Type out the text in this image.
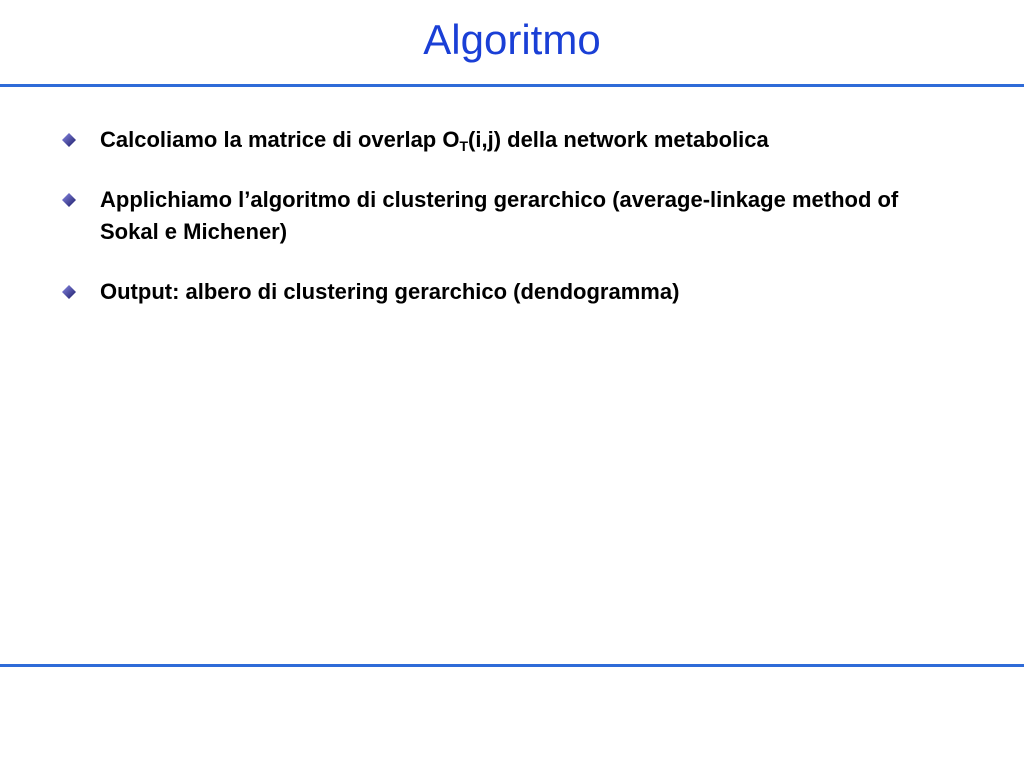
Algoritmo
Calcoliamo la matrice di overlap $O_T(i,j)$ della network metabolica
Applichiamo l’algoritmo di clustering gerarchico (average-linkage method of Sokal e Michener)
Output: albero di clustering gerarchico (dendogramma)
